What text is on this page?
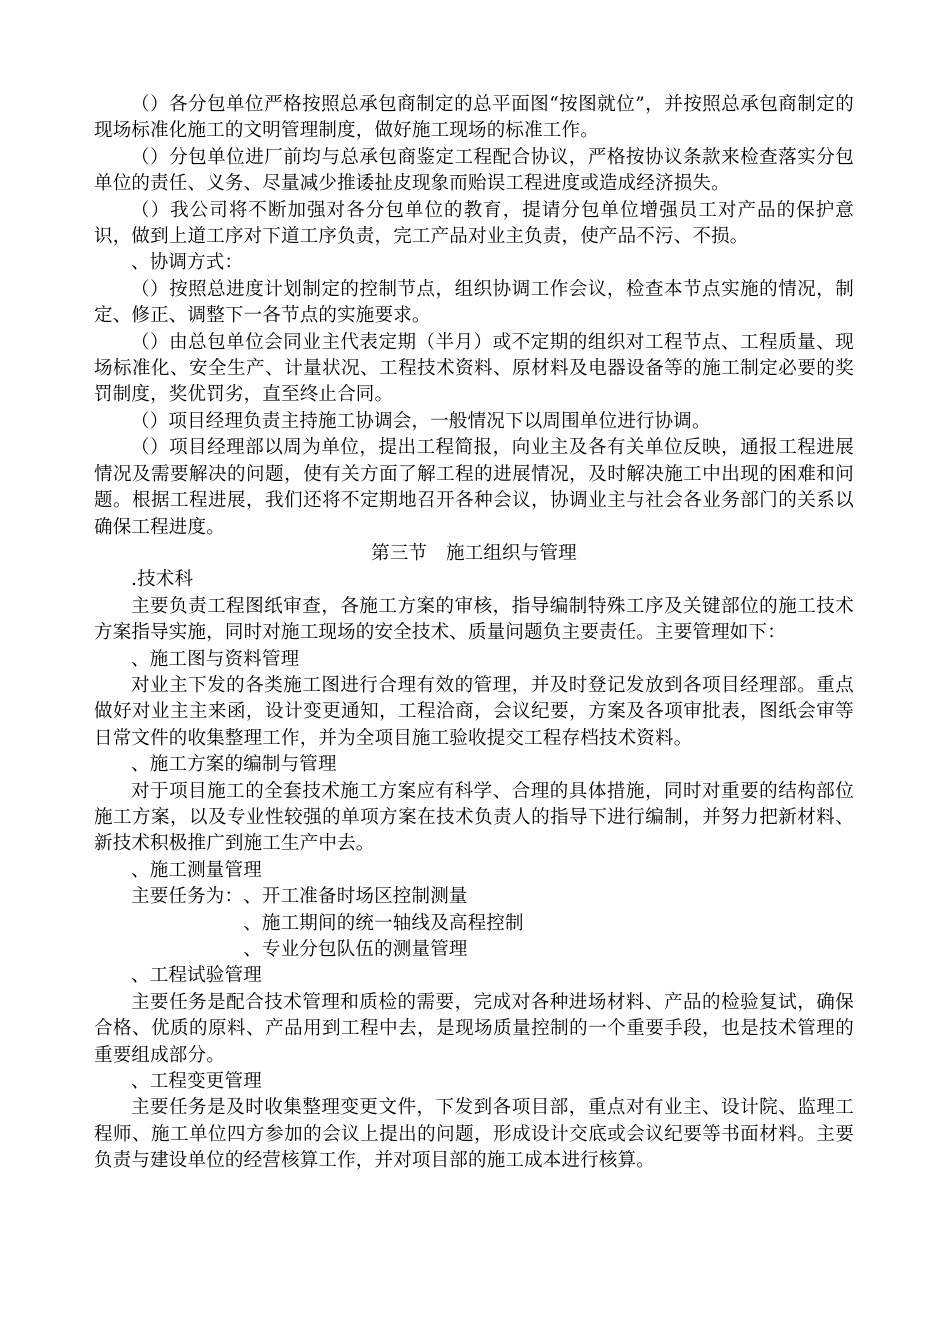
（）各分包单位严格按照总承包商制定的总平面图“按图就位”，并按照总承包商制定的现场标准化施工的文明管理制度，做好施工现场的标准工作。

（）分包单位进厂前均与总承包商鉴定工程配合协议，严格按协议条款来检查落实分包单位的责任、义务、尽量减少推诿扯皮现象而贻误工程进度或造成经济损失。

（）我公司将不断加强对各分包单位的教育，提请分包单位增强员工对产品的保护意识，做到上道工序对下道工序负责，完工产品对业主负责，使产品不污、不损。

、协调方式：

（）按照总进度计划制定的控制节点，组织协调工作会议，检查本节点实施的情况，制定、修正、调整下一各节点的实施要求。

（）由总包单位会同业主代表定期（半月）或不定期的组织对工程节点、工程质量、现场标准化、安全生产、计量状况、工程技术资料、原材料及电器设备等的施工制定必要的奖罚制度，奖优罚劣，直至终止合同。

（）项目经理负责主持施工协调会，一般情况下以周围单位进行协调。

（）项目经理部以周为单位，提出工程简报，向业主及各有关单位反映，通报工程进展情况及需要解决的问题，使有关方面了解工程的进展情况，及时解决施工中出现的困难和问题。根据工程进展，我们还将不定期地召开各种会议，协调业主与社会各业务部门的关系以确保工程进度。

第三节　施工组织与管理

.技术科

主要负责工程图纸审查，各施工方案的审核，指导编制特殊工序及关键部位的施工技术方案指导实施，同时对施工现场的安全技术、质量问题负主要责任。主要管理如下：

、施工图与资料管理

对业主下发的各类施工图进行合理有效的管理，并及时登记发放到各项目经理部。重点做好对业主主来函，设计变更通知，工程洽商，会议纪要，方案及各项审批表，图纸会审等日常文件的收集整理工作，并为全项目施工验收提交工程存档技术资料。

、施工方案的编制与管理

对于项目施工的全套技术施工方案应有科学、合理的具体措施，同时对重要的结构部位施工方案，以及专业性较强的单项方案在技术负责人的指导下进行编制，并努力把新材料、新技术积极推广到施工生产中去。

、施工测量管理

主要任务为： 、开工准备时场区控制测量
、施工期间的统一轴线及高程控制
、专业分包队伍的测量管理

、工程试验管理

主要任务是配合技术管理和质检的需要，完成对各种进场材料、产品的检验复试，确保合格、优质的原料、产品用到工程中去，是现场质量控制的一个重要手段，也是技术管理的重要组成部分。

、工程变更管理

主要任务是及时收集整理变更文件，下发到各项目部，重点对有业主、设计院、监理工程师、施工单位四方参加的会议上提出的问题，形成设计交底或会议纪要等书面材料。主要负责与建设单位的经营核算工作，并对项目部的施工成本进行核算。
